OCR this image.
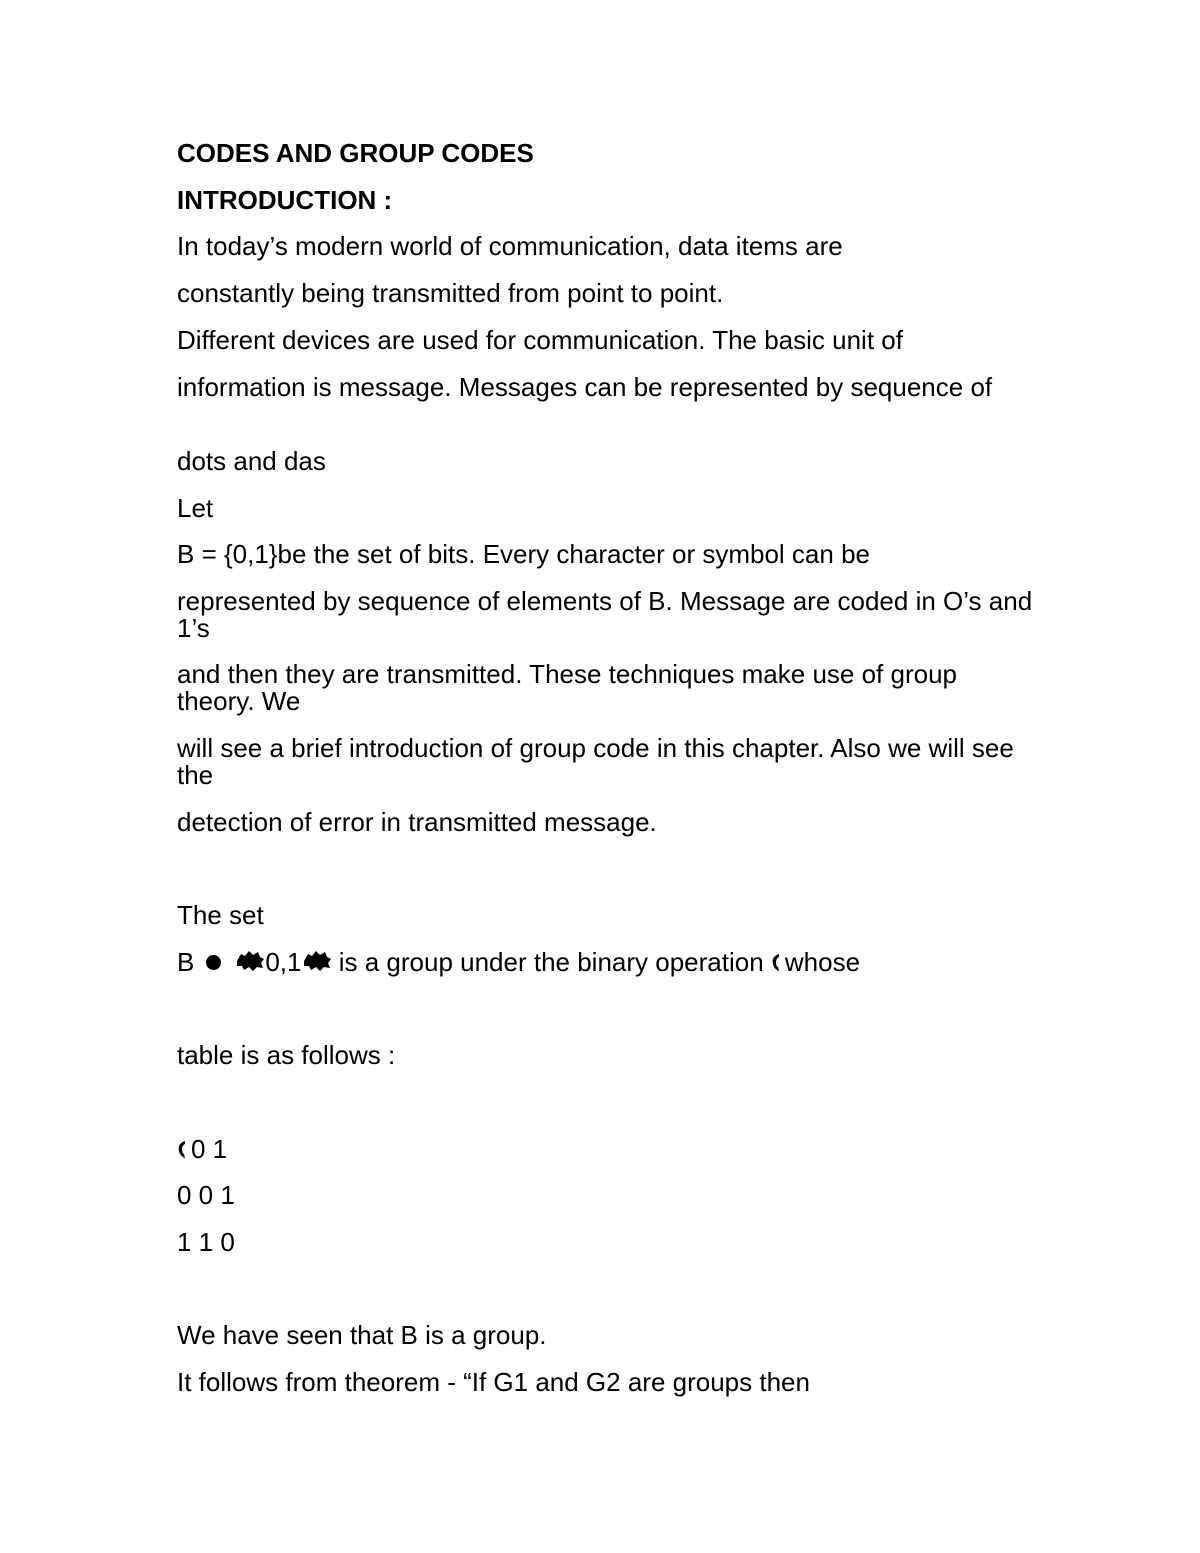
CODES AND GROUP CODES
INTRODUCTION :
In today’s modern world of communication, data items are
constantly being transmitted from point to point.
Different devices are used for communication. The basic unit of
information is message. Messages can be represented by sequence of
dots and das
Let
B = {0,1}be the set of bits. Every character or symbol can be
represented by sequence of elements of B. Message are coded in O’s and 1’s
and then they are transmitted. These techniques make use of group theory. We
will see a brief introduction of group code in this chapter. Also we will see the
detection of error in transmitted message.
The set
B	0,1 is a group under the binary operation whose
table is as follows :
0 1
0 0 1
1 1 0
We have seen that B is a group.
It follows from theorem - “If G1 and G2 are groups then
